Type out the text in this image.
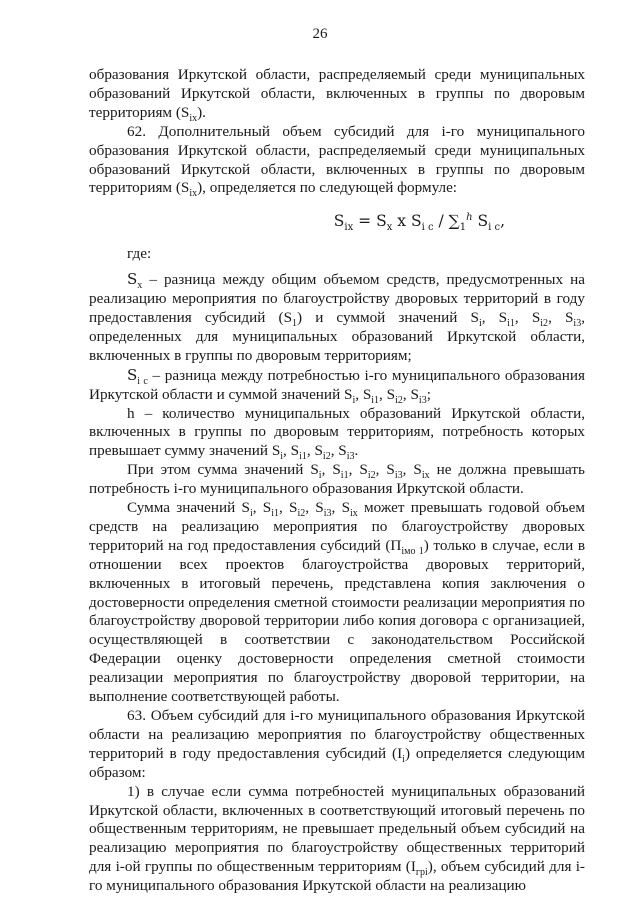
26

образования Иркутской области, распределяемый среди муниципальных образований Иркутской области, включенных в группы по дворовым территориям $(S_{ix})$.

62. Дополнительный объем субсидий для i-го муниципального образования Иркутской области, распределяемый среди муниципальных образований Иркутской области, включенных в группы по дворовым территориям $(S_{ix})$, определяется по следующей формуле:

$S_{ix} = S_x$ x $S_{i c} / \sum_1^h$ $S_{i c}$,

где:

$S_x$ – разница между общим объемом средств, предусмотренных на реализацию мероприятия по благоустройству дворовых территорий в году предоставления субсидий $(S_1)$ и суммой значений $S_i$, $S_{i1}$, $S_{i2}$, $S_{i3}$, определенных для муниципальных образований Иркутской области, включенных в группы по дворовым территориям;

$S_{i c}$ – разница между потребностью i-го муниципального образования Иркутской области и суммой значений $S_i$, $S_{i1}$, $S_{i2}$, $S_{i3}$;

h – количество муниципальных образований Иркутской области, включенных в группы по дворовым территориям, потребность которых превышает сумму значений $S_i$, $S_{i1}$, $S_{i2}$, $S_{i3}$.

При этом сумма значений $S_i$, $S_{i1}$, $S_{i2}$, $S_{i3}$, $S_{ix}$ не должна превышать потребность i-го муниципального образования Иркутской области.

Сумма значений $S_i$, $S_{i1}$, $S_{i2}$, $S_{i3}$, $S_{ix}$ может превышать годовой объем средств на реализацию мероприятия по благоустройству дворовых территорий на год предоставления субсидий $(П_{iмо 1})$ только в случае, если в отношении всех проектов благоустройства дворовых территорий, включенных в итоговый перечень, представлена копия заключения о достоверности определения сметной стоимости реализации мероприятия по благоустройству дворовой территории либо копия договора с организацией, осуществляющей в соответствии с законодательством Российской Федерации оценку достоверности определения сметной стоимости реализации мероприятия по благоустройству дворовой территории, на выполнение соответствующей работы.

63. Объем субсидий для i-го муниципального образования Иркутской области на реализацию мероприятия по благоустройству общественных территорий в году предоставления субсидий $(I_i)$ определяется следующим образом:

1) в случае если сумма потребностей муниципальных образований Иркутской области, включенных в соответствующий итоговый перечень по общественным территориям, не превышает предельный объем субсидий на реализацию мероприятия по благоустройству общественных территорий для i-ой группы по общественным территориям $(I_{грi})$, объем субсидий для i-го муниципального образования Иркутской области на реализацию
